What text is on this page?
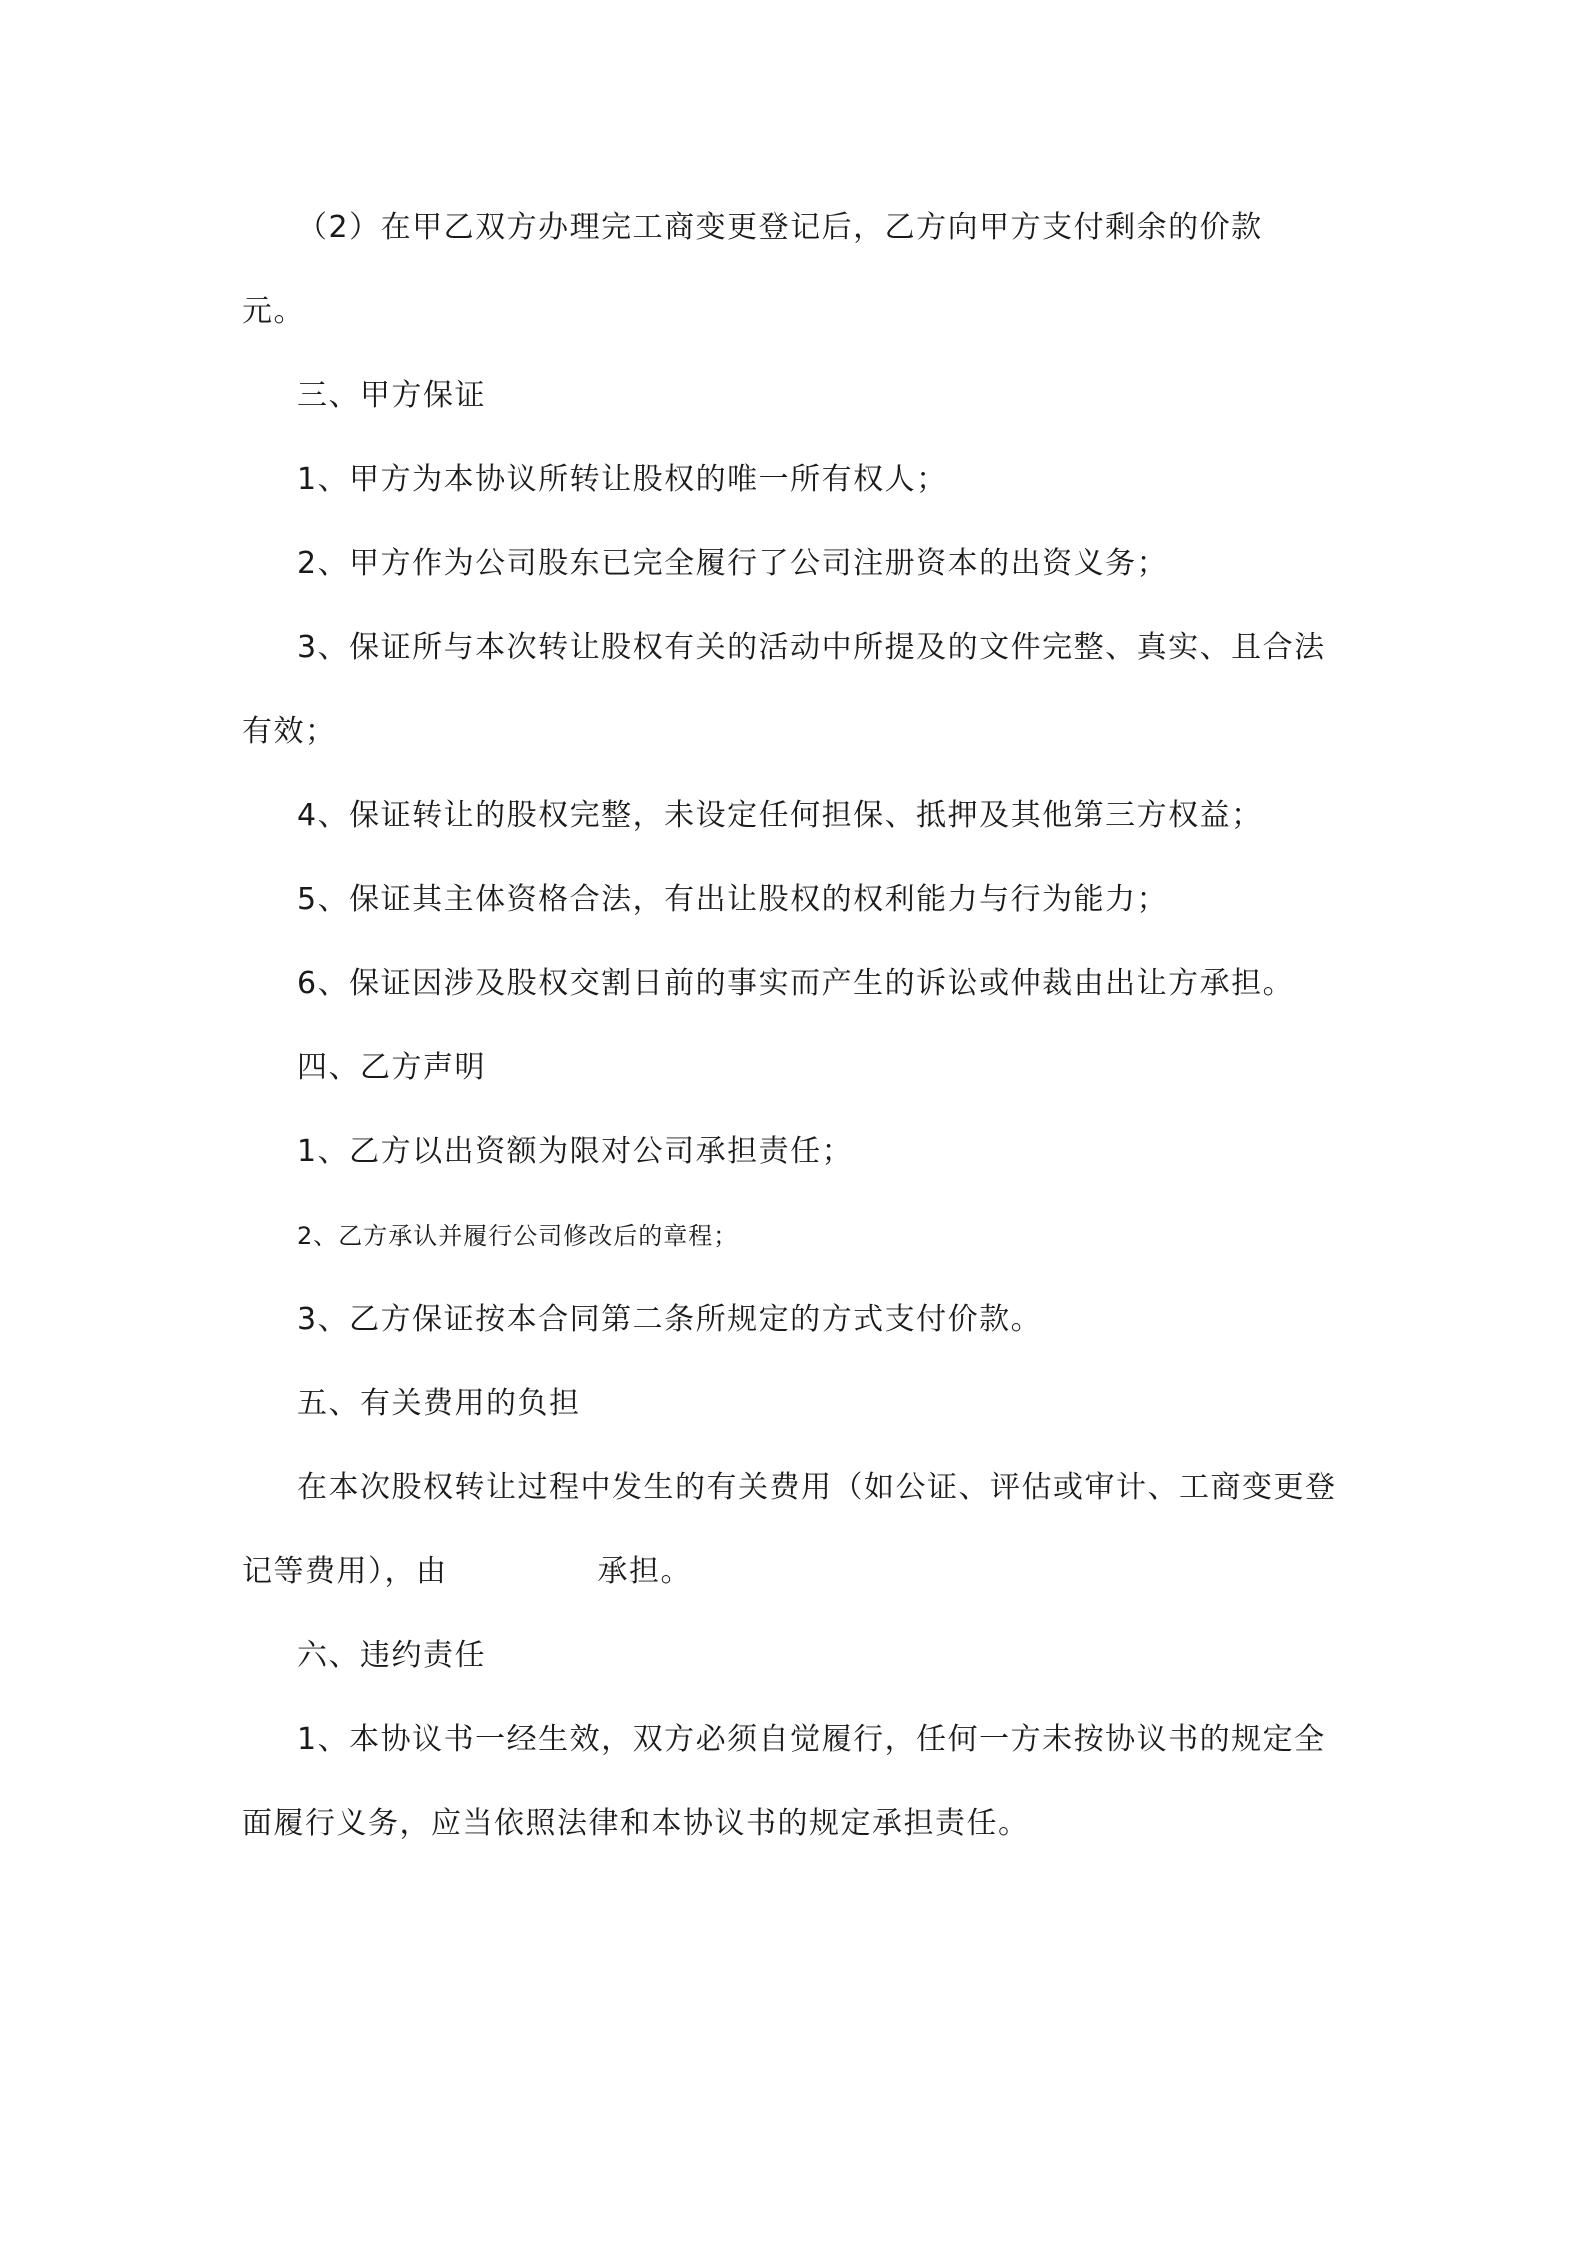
（2）在甲乙双方办理完工商变更登记后，乙方向甲方支付剩余的价款

元。

三、甲方保证

1、甲方为本协议所转让股权的唯一所有权人；

2、甲方作为公司股东已完全履行了公司注册资本的出资义务；

3、保证所与本次转让股权有关的活动中所提及的文件完整、真实、且合法

有效；

4、保证转让的股权完整，未设定任何担保、抵押及其他第三方权益；

5、保证其主体资格合法，有出让股权的权利能力与行为能力；

6、保证因涉及股权交割日前的事实而产生的诉讼或仲裁由出让方承担。

四、乙方声明

1、乙方以出资额为限对公司承担责任；

2、乙方承认并履行公司修改后的章程；

3、乙方保证按本合同第二条所规定的方式支付价款。

五、有关费用的负担

在本次股权转让过程中发生的有关费用（如公证、评估或审计、工商变更登

记等费用），由	承担。

六、违约责任

1、本协议书一经生效，双方必须自觉履行，任何一方未按协议书的规定全

面履行义务，应当依照法律和本协议书的规定承担责任。
